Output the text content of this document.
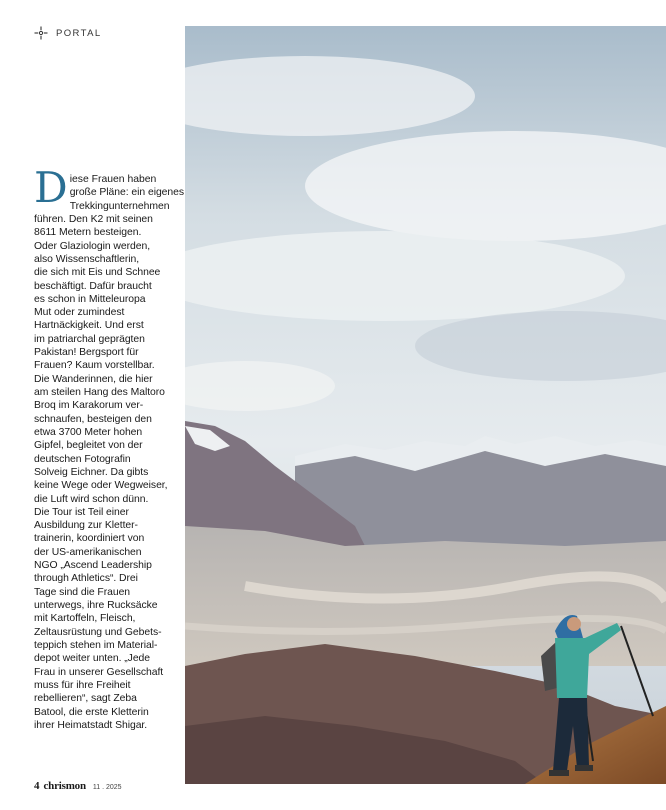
PORTAL
D iese Frauen haben
große Pläne: ein eigenes
Trekkingunternehmen
führen. Den K2 mit seinen
8611 Metern besteigen.
Oder Glaziologin werden,
also Wissenschaftlerin,
die sich mit Eis und Schnee
beschäftigt. Dafür braucht
es schon in Mitteleuropa
Mut oder zumindest
Hartnäckigkeit. Und erst
im patriarchal geprägten
Pakistan! Bergsport für
Frauen? Kaum vorstellbar.
Die Wanderinnen, die hier
am steilen Hang des Maltoro
Broq im Karakorum ver-
schnaufen, besteigen den
etwa 3700 Meter hohen
Gipfel, begleitet von der
deutschen Fotografin
Solveig Eichner. Da gibts
keine Wege oder Wegweiser,
die Luft wird schon dünn.
Die Tour ist Teil einer
Ausbildung zur Kletter-
trainerin, koordiniert von
der US-amerikanischen
NGO „Ascend Leadership
through Athletics“. Drei
Tage sind die Frauen
unterwegs, ihre Rucksäcke
mit Kartoffeln, Fleisch,
Zeltausrüstung und Gebets-
teppich stehen im Material-
depot weiter unten. „Jede
Frau in unserer Gesellschaft
muss für ihre Freiheit
rebellieren“, sagt Zeba
Batool, die erste Kletterin
ihrer Heimatstadt Shigar.
4 chrismon 11 . 2025
